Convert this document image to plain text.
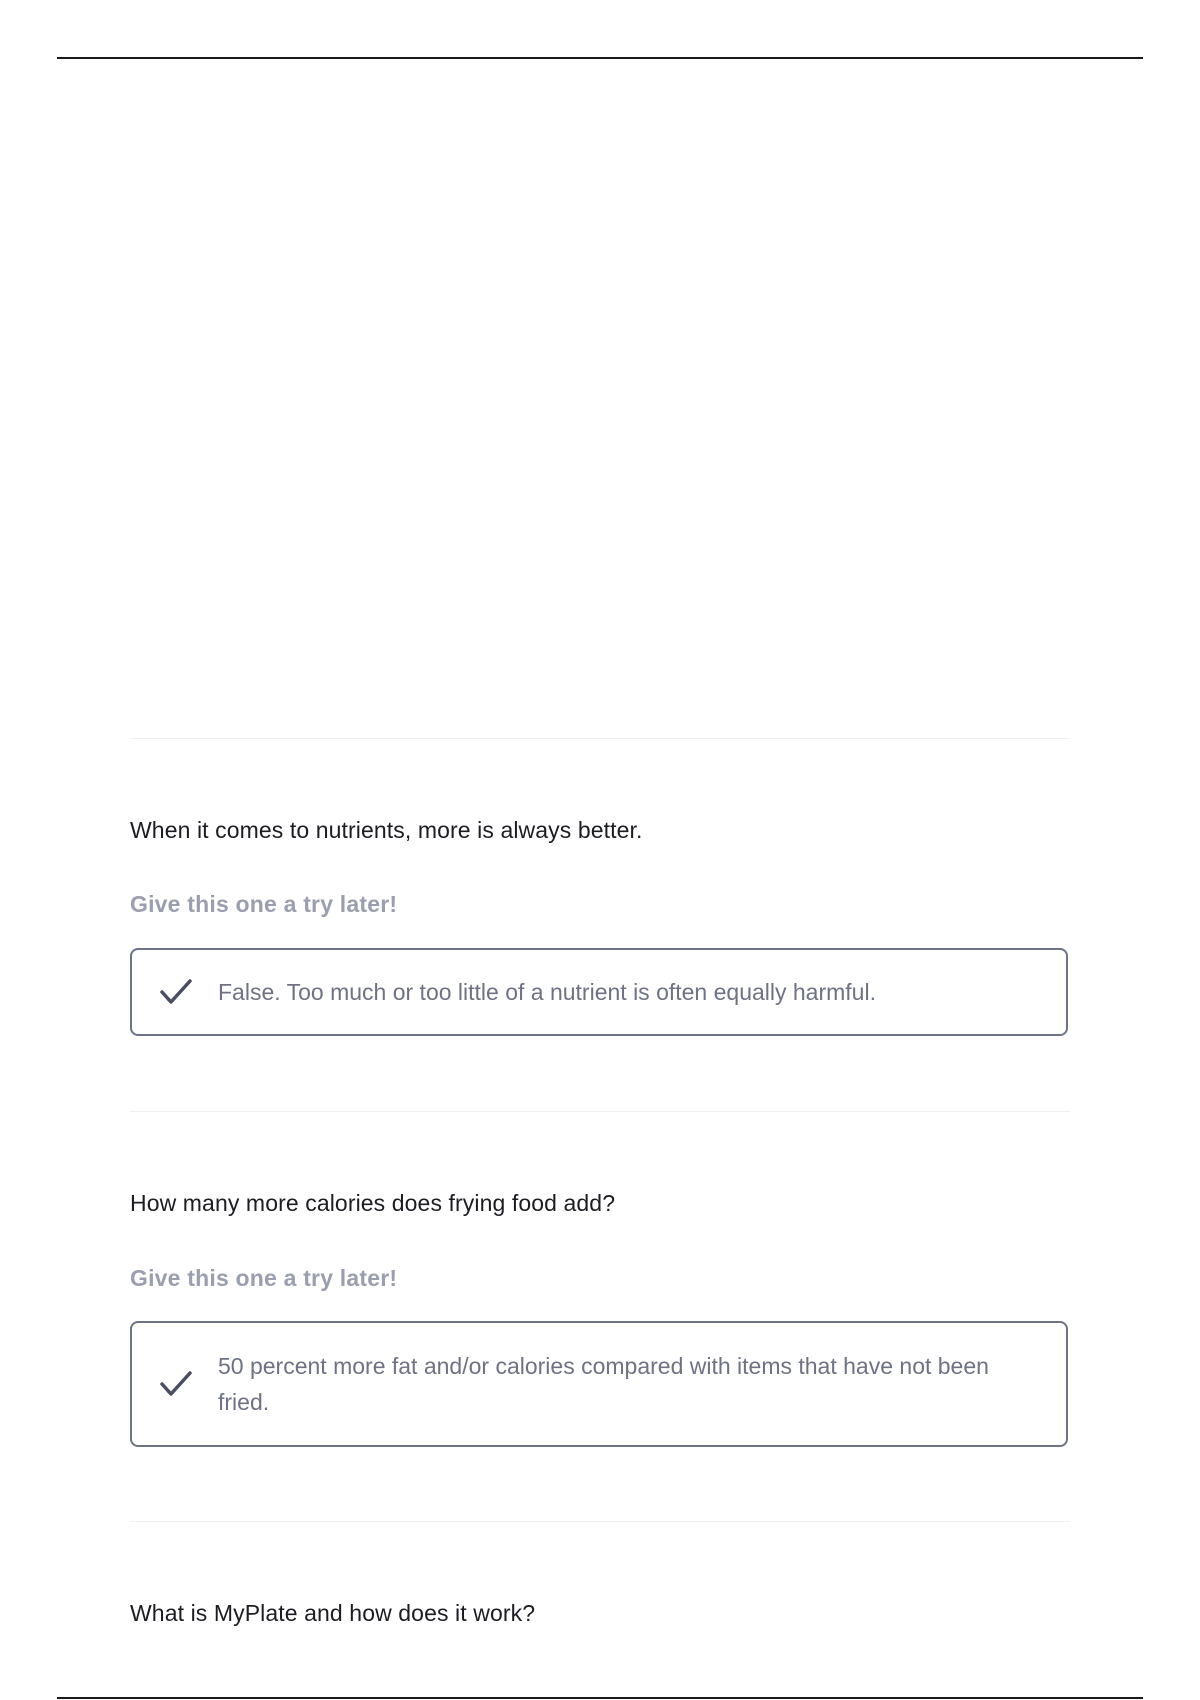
When it comes to nutrients, more is always better.
Give this one a try later!
False. Too much or too little of a nutrient is often equally harmful.
How many more calories does frying food add?
Give this one a try later!
50 percent more fat and/or calories compared with items that have not been fried.
What is MyPlate and how does it work?
